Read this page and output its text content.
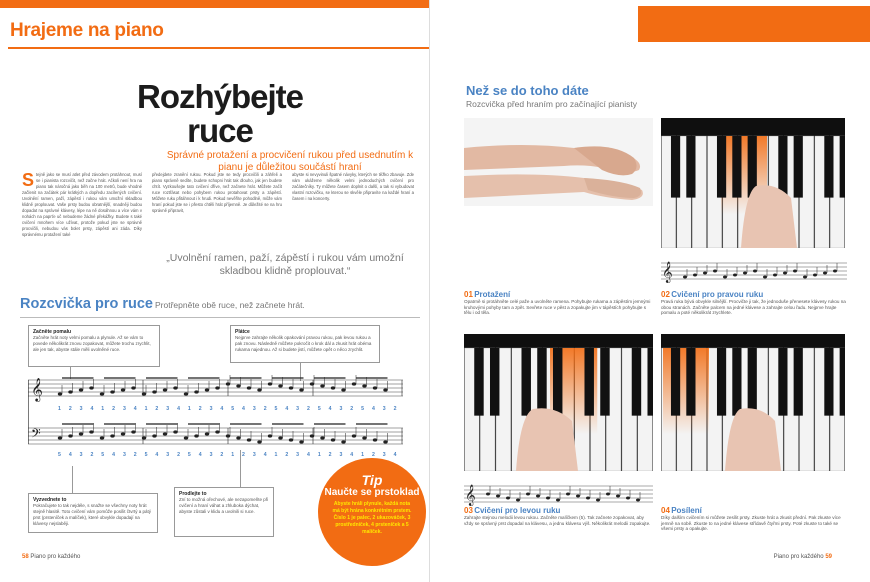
Hrajeme na piano
Rozhýbejte
ruce
Správné protažení a procvičení rukou před usednutím k pianu je důležitou součástí hraní
S tejně jako se musí atlet před závodem protáhnout, musí se i pianista rozcvičit, než začne hrát. Ačkoli není hra na piano tak náročná jako běh na 100 metrů, bude vhodné začlenit na začátek pár krátkých a dopředu zacílených cvičení. Uvolnění ramen, paží, zápěstí i rukou vám umožní skladbou klidně proplouvat. Vaše prsty budou obratnější, snadněji budou dopadat na správné klávesy, lépe na ně dosáhnou a více vám v nohách na paprťe uč nebudeme žádné překážky. Budete s také cvičení mnohem více užívat, protože pokud jste se správně procvičili, nebudou vás bolet prsty, zápěstí ani záda. Díky správnému protažení také
předejdete zranění rukou. Pokud jste se tedy procvičili a záhřeli a piano správně sedíte, budete schopni hrát tak dlouho, jak jen budete chtít. Vyzkoušejte tato cvičení dříve, než začnete hrát. Můžete začít ruce roztřásat nebo pohybem rukou protahovat prsty a zápěstí. Můžete ruku přitáhnout i k hrudi. Pokud nevěříte pohodlně, může vám hraní pokud jste se i přesto chtěli hrát příjemně. Je důležité se na hru správně připravit,
abyste si nevyvinuli špatné návyky, kterých se těžko zbavuje. Zde vám ukážeme několik velmi jednoduchých cvičení pro začátečníky. Ty můžete časem doplnit o další, a tak si vybudovat vlastní rozcvičku, se kterou se skvěle připravíte na každé hraní a časem i na koncerty.
„Uvolnění ramen, paží, zápěstí i rukou vám umožní skladbou klidně proplouvat.“
Rozcvička pro ruce Protřepněte obě ruce, než začnete hrát.
Začněte pomalu
Začněte hrát noty velmi pomalu a plynule. Až se vám to povede několikrát znovu zopakovat, můžete trochu zrychlit, ale jen tak, abyste stále měli uvolněné ruce.
Plátce
Nejprve zahrajte několik opakování pravou rukou, pak levou rukou a pak znovu. Následně můžete pokročit o krok dál a zkusit hrát obéma rukama najednou. Až si budete jistí, můžete opět o něco zrychlit.
𝄞
𝄢
1 2 3 4 1 2 3 4 1 2 3 4 1 2 3 4 5 4 3 2 5 4 3 2 5 4 3 2 5 4 3 2
5 4 3 2 5 4 3 2 5 4 3 2 5 4 3 2 1 2 3 4 1 2 3 4 1 2 3 4 1 2 3 4
Vyzvednete to
Pokračujete to tak nejdéle, s snažte se všechny noty hrát stejně hlasitě. Toto cvičení vám pomůže posílit čtvrtý a pátý prst (prsteníček a malíček), které obvykle dopadají na klávesy nejslaběji.
Prodlejte to
Zní to možná ořechové, ale nezapomeňte při cvičení a hraní váhat a zhluboka dýchat, abyste zůstali v klidu a uvolnili si ruce.
Tip
Naučte se prstoklad
Abyste hráli plynule, každá nota má být hrána konkrétním prstem. Číslo 1 je palec, 2 ukazováček, 3 prostředníček, 4 prsteníček a 5 malíček.
58 Piano pro každého
Než se do toho dáte
Rozcvička před hraním pro začínající pianisty
𝄞
𝄞
01 Protažení
Opatrně si protáhněte celé paže a uvolněte ramena. Pohybujte rukama a zápěstím jemnými kruhovými pohyby tam a zpět. Sevřete ruce v pěst a zopakujte jim v tápěstích pohybujte s tělu i od těla.
02 Cvičení pro pravou ruku
Pravá ruka bývá obvykle silnější. Procvičte ji tak, že jednoduše přenesete klávesy rukou na obou stranách. Začněte palcem na jedné klávese a zahrajte celou řadu. Nejprve hrajte pomalu a poté několikrát zrychlete.
03 Cvičení pro levou ruku
Zahrajte stejnou melodii levou rukou. Začněte malíčkem (5). Tak začnete zopakovat, aby vždy se správný prst dopadal na klávesu, a jednu klávesu výš. Několikrát melodii zopakujte.
04 Posílení
Díky dalším cvičením si můžete zesílit prsty. Zkuste hrát a zkusit přední. Pak zkuste více jemně na sobě. Zkuste to na jedné klávese střídavě čtyřmi prsty. Poté zkuste to také se všemi prsty a opakujte.
Piano pro každého 59
